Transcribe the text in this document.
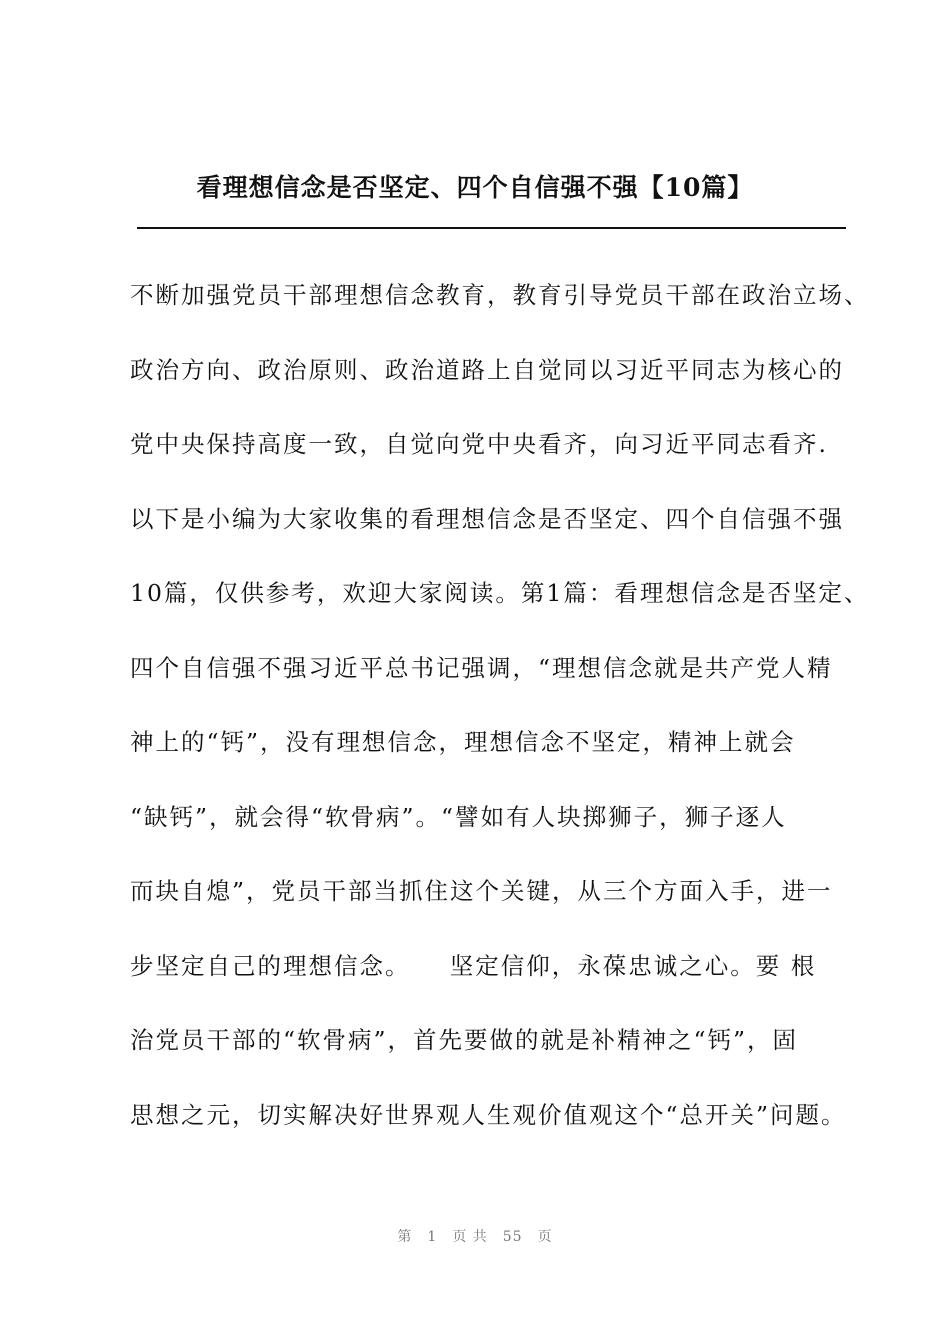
看理想信念是否坚定、四个自信强不强【10篇】
不断加强党员干部理想信念教育，教育引导党员干部在政治立场、
政治方向、政治原则、政治道路上自觉同以习近平同志为核心的
党中央保持高度一致，自觉向党中央看齐，向习近平同志看齐.
以下是小编为大家收集的看理想信念是否坚定、四个自信强不强
10篇，仅供参考，欢迎大家阅读。第1篇：看理想信念是否坚定、
四个自信强不强习近平总书记强调，“理想信念就是共产党人精
神上的“钙”，没有理想信念，理想信念不坚定，精神上就会
“缺钙”，就会得“软骨病”。“譬如有人块掷狮子，狮子逐人
而块自熄”，党员干部当抓住这个关键，从三个方面入手，进一
步坚定自己的理想信念。　　坚定信仰，永葆忠诚之心。要 根
治党员干部的“软骨病”，首先要做的就是补精神之“钙”，固
思想之元，切实解决好世界观人生观价值观这个“总开关”问题。
第　1　页 共　55　页
